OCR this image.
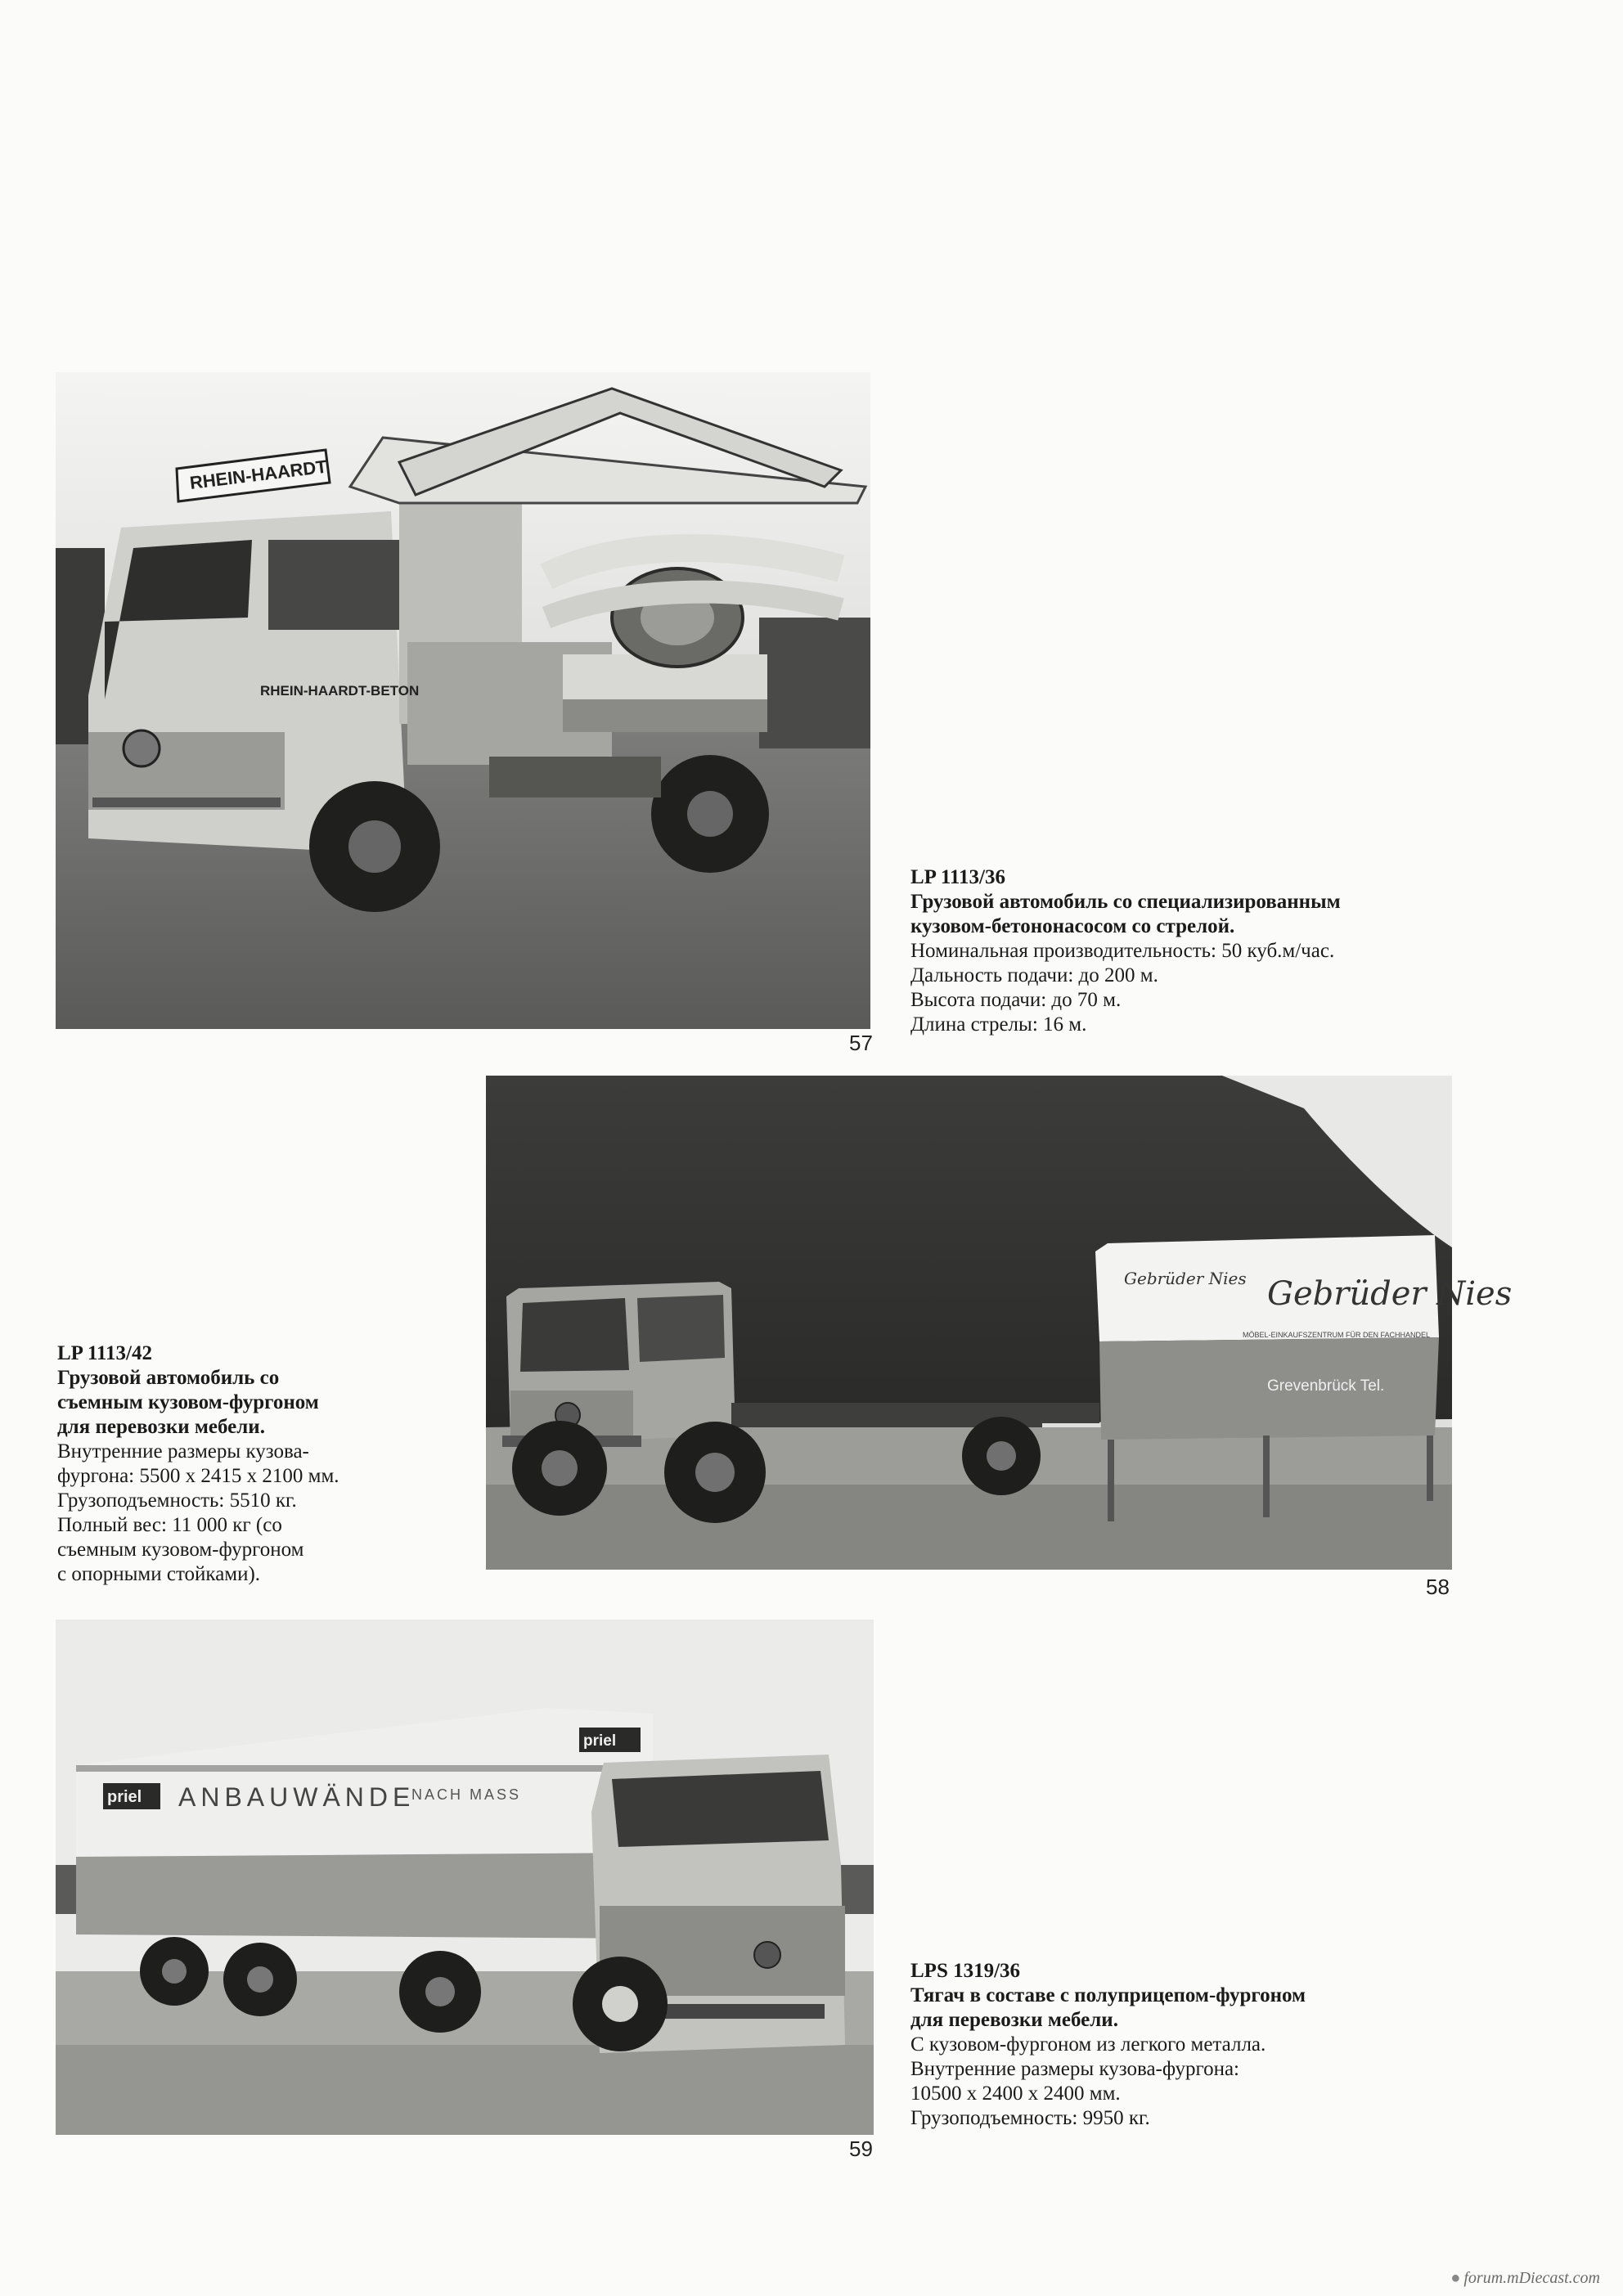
RHEIN-HAARDT
RHEIN-HAARDT-BETON
57
LP 1113/36
Грузовой автомобиль со специализированным
кузовом-бетононасосом со стрелой.
Номинальная производительность: 50 куб.м/час.
Дальность подачи: до 200 м.
Высота подачи: до 70 м.
Длина стрелы: 16 м.
Gebrüder Nies Gebrüder Nies
MÖBEL-EINKAUFSZENTRUM FÜR DEN FACHHANDEL
Grevenbrück Tel.
58
LP 1113/42
Грузовой автомобиль со
съемным кузовом-фургоном
для перевозки мебели.
Внутренние размеры кузова-
фургона: 5500 x 2415 x 2100 мм.
Грузоподъемность: 5510 кг.
Полный вес: 11 000 кг (со
съемным кузовом-фургоном
с опорными стойками).
priel ANBAUWÄNDE
NACH MASS
priel
59
LPS 1319/36
Тягач в составе с полуприцепом-фургоном
для перевозки мебели.
С кузовом-фургоном из легкого металла.
Внутренние размеры кузова-фургона:
10500 x 2400 x 2400 мм.
Грузоподъемность: 9950 кг.
● forum.mDiecast.com
